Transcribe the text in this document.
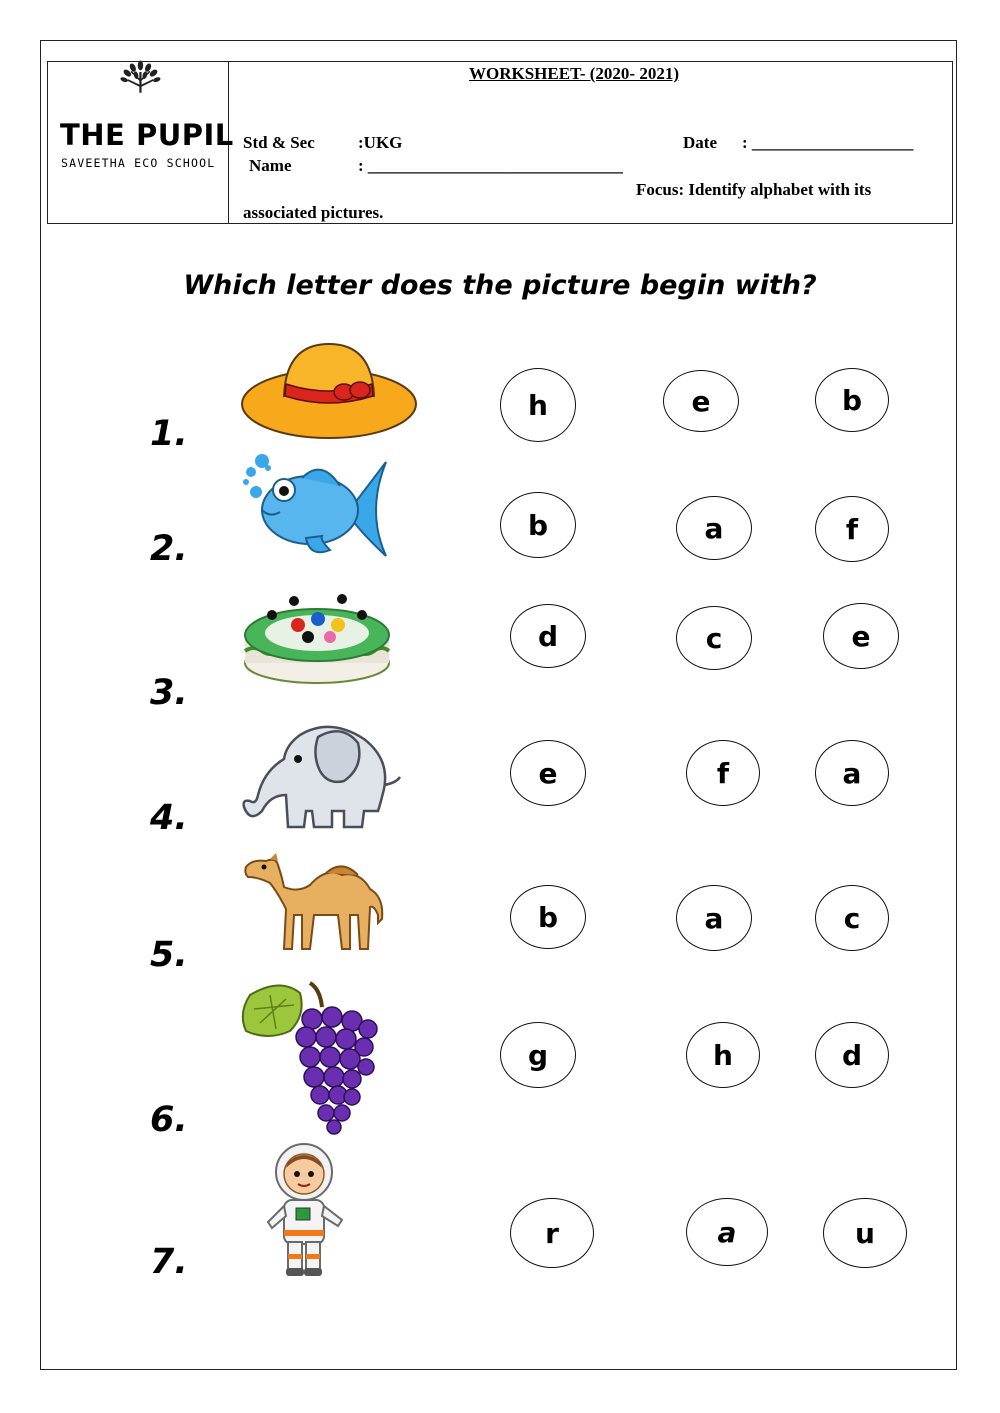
THE PUPIL
SAVEETHA ECO SCHOOL
WORKSHEET- (2020- 2021)
Std & Sec	:UKG	Date : ___________________
Name	: ______________________________
Focus: Identify alphabet with its
associated pictures.
Which letter does the picture begin with?
1.
2.
3.
4.
5.
6.
7.
h	e	b
b	a	f
d	c	e
e	f	a
b	a	c
g	h	d
r	a	u
